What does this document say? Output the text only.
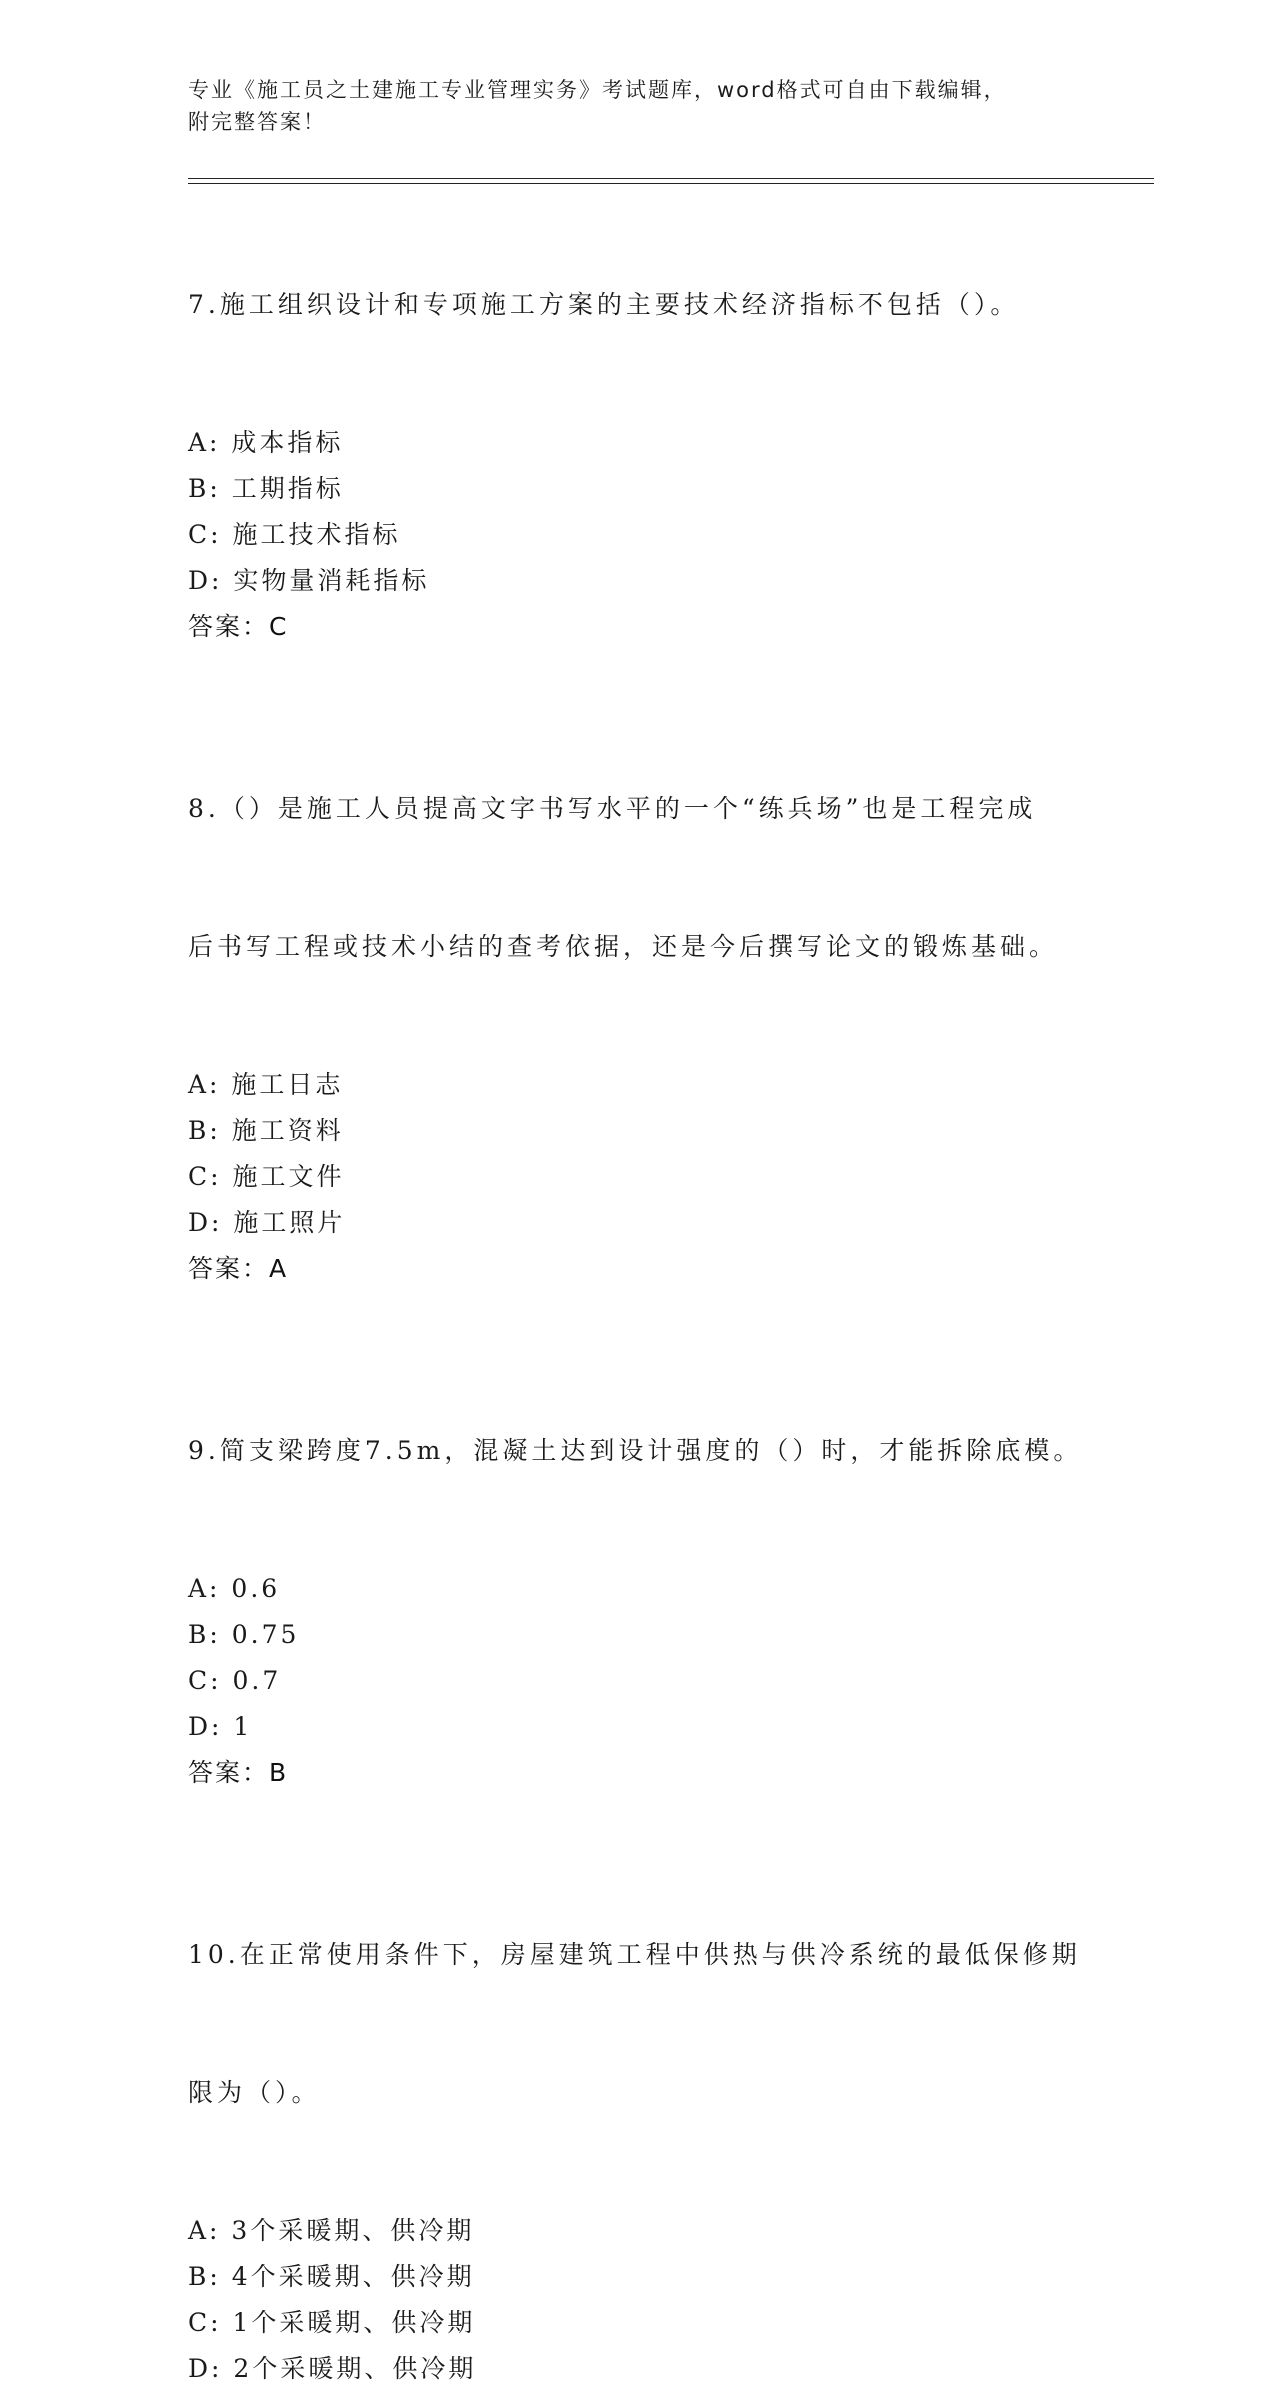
专业《施工员之土建施工专业管理实务》考试题库，word格式可自由下载编辑，
附完整答案！

7.施工组织设计和专项施工方案的主要技术经济指标不包括（）。

A: 成本指标
B: 工期指标
C: 施工技术指标
D: 实物量消耗指标
答案：C

8.（）是施工人员提高文字书写水平的一个“练兵场”也是工程完成

后书写工程或技术小结的查考依据，还是今后撰写论文的锻炼基础。

A: 施工日志
B: 施工资料
C: 施工文件
D: 施工照片
答案：A

9.简支梁跨度7.5m，混凝土达到设计强度的（）时，才能拆除底模。

A: 0.6
B: 0.75
C: 0.7
D: 1
答案：B

10.在正常使用条件下，房屋建筑工程中供热与供冷系统的最低保修期

限为（）。

A: 3个采暖期、供冷期
B: 4个采暖期、供冷期
C: 1个采暖期、供冷期
D: 2个采暖期、供冷期
